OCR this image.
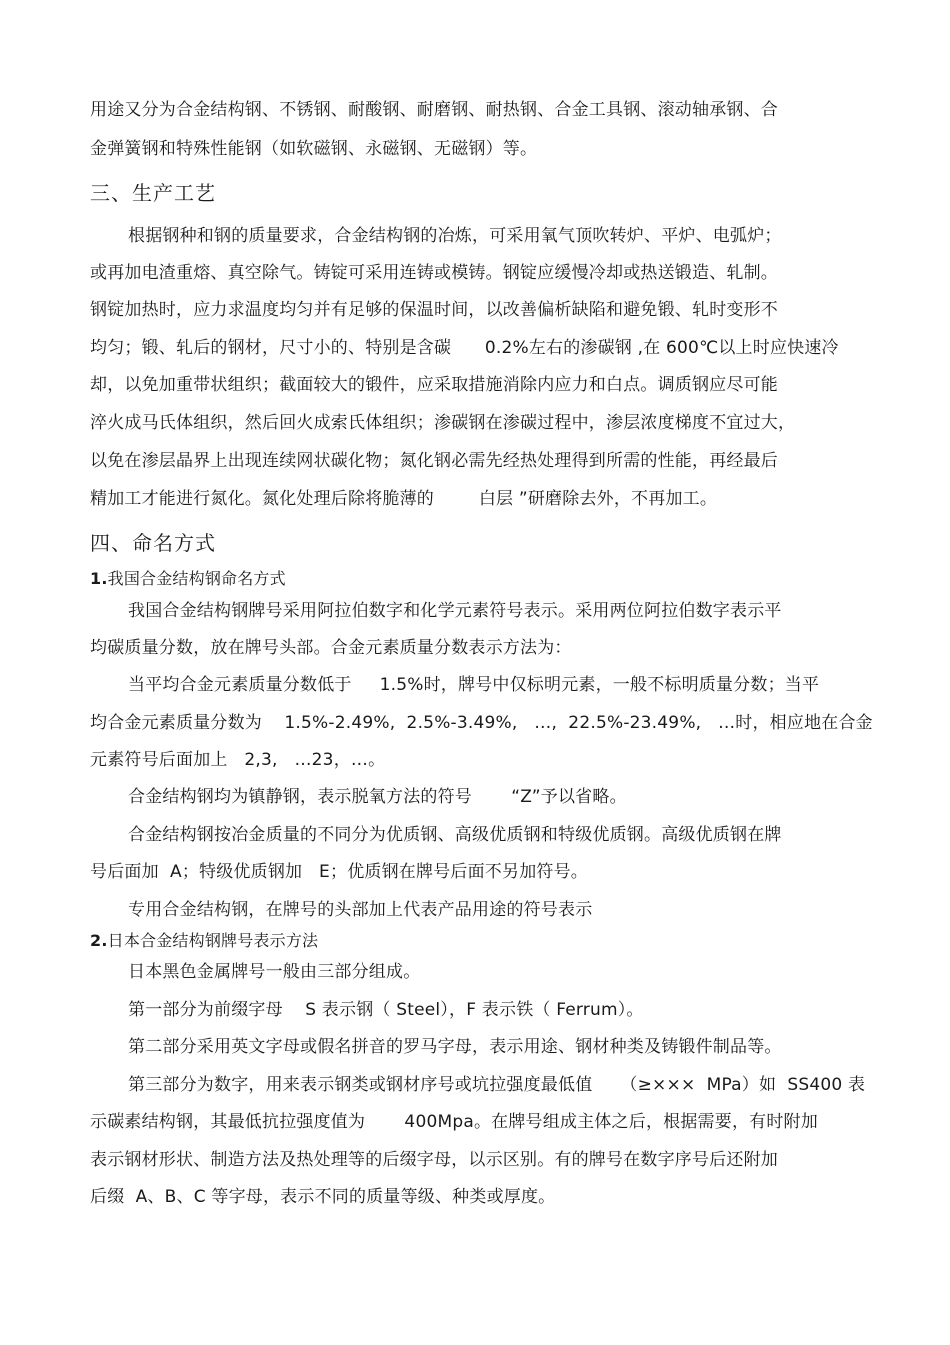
用途又分为合金结构钢、不锈钢、耐酸钢、耐磨钢、耐热钢、合金工具钢、滚动轴承钢、合
金弹簧钢和特殊性能钢（如软磁钢、永磁钢、无磁钢）等。
三、生产工艺
根据钢种和钢的质量要求，合金结构钢的冶炼，可采用氧气顶吹转炉、平炉、电弧炉；
或再加电渣重熔、真空除气。铸锭可采用连铸或模铸。钢锭应缓慢冷却或热送锻造、轧制。
钢锭加热时，应力求温度均匀并有足够的保温时间，以改善偏析缺陷和避免锻、轧时变形不
均匀；锻、轧后的钢材，尺寸小的、特别是含碳      0.2%左右的渗碳钢 ,在 600℃以上时应快速冷
却，以免加重带状组织；截面较大的锻件，应采取措施消除内应力和白点。调质钢应尽可能
淬火成马氏体组织，然后回火成索氏体组织；渗碳钢在渗碳过程中，渗层浓度梯度不宜过大，
以免在渗层晶界上出现连续网状碳化物；氮化钢必需先经热处理得到所需的性能，再经最后
精加工才能进行氮化。氮化处理后除将脆薄的        白层 ”研磨除去外，不再加工。
四、命名方式
1.我国合金结构钢命名方式
我国合金结构钢牌号采用阿拉伯数字和化学元素符号表示。采用两位阿拉伯数字表示平
均碳质量分数，放在牌号头部。合金元素质量分数表示方法为：
当平均合金元素质量分数低于     1.5%时，牌号中仅标明元素，一般不标明质量分数；当平
均合金元素质量分数为    1.5%-2.49%,  2.5%-3.49%,   …,  22.5%-23.49%,   …时，相应地在合金
元素符号后面加上   2,3,   …23，…。
合金结构钢均为镇静钢，表示脱氧方法的符号       “Z”予以省略。
合金结构钢按冶金质量的不同分为优质钢、高级优质钢和特级优质钢。高级优质钢在牌
号后面加  A；特级优质钢加   E；优质钢在牌号后面不另加符号。
专用合金结构钢，在牌号的头部加上代表产品用途的符号表示
2.日本合金结构钢牌号表示方法
日本黑色金属牌号一般由三部分组成。
第一部分为前缀字母    S 表示钢（ Steel），F 表示铁（ Ferrum）。
第二部分采用英文字母或假名拼音的罗马字母，表示用途、钢材种类及铸锻件制品等。
第三部分为数字，用来表示钢类或钢材序号或坑拉强度最低值     （≥×××  MPa）如  SS400 表
示碳素结构钢，其最低抗拉强度值为       400Mpa。在牌号组成主体之后，根据需要，有时附加
表示钢材形状、制造方法及热处理等的后缀字母，以示区别。有的牌号在数字序号后还附加
后缀  A、B、C 等字母，表示不同的质量等级、种类或厚度。
